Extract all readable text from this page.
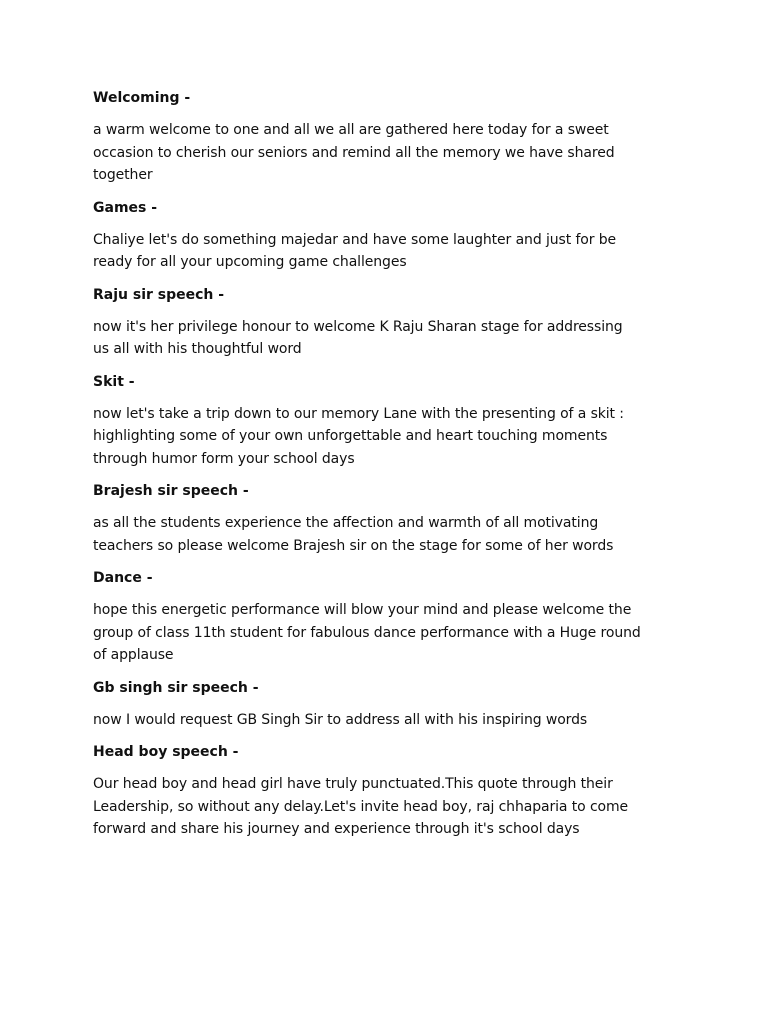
Welcoming -

a warm welcome to one and all we all are gathered here today for a sweet
occasion to cherish our seniors and remind all the memory we have shared
together

Games -

Chaliye let's do something majedar and have some laughter and just for be
ready for all your upcoming game challenges

Raju sir speech -

now it's her privilege honour to welcome K Raju Sharan stage for addressing
us all with his thoughtful word

Skit -

now let's take a trip down to our memory Lane with the presenting of a skit :
highlighting some of your own unforgettable and heart touching moments
through humor form your school days

Brajesh sir speech -

as all the students experience the affection and warmth of all motivating
teachers so please welcome Brajesh sir on the stage for some of her words

Dance -

hope this energetic performance will blow your mind and please welcome the
group of class 11th student for fabulous dance performance with a Huge round
of applause

Gb singh sir speech -

now I would request GB Singh Sir to address all with his inspiring words

Head boy speech -

Our head boy and head girl have truly punctuated.This quote through their
Leadership, so without any delay.Let's invite head boy, raj chhaparia to come
forward and share his journey and experience through it's school days
